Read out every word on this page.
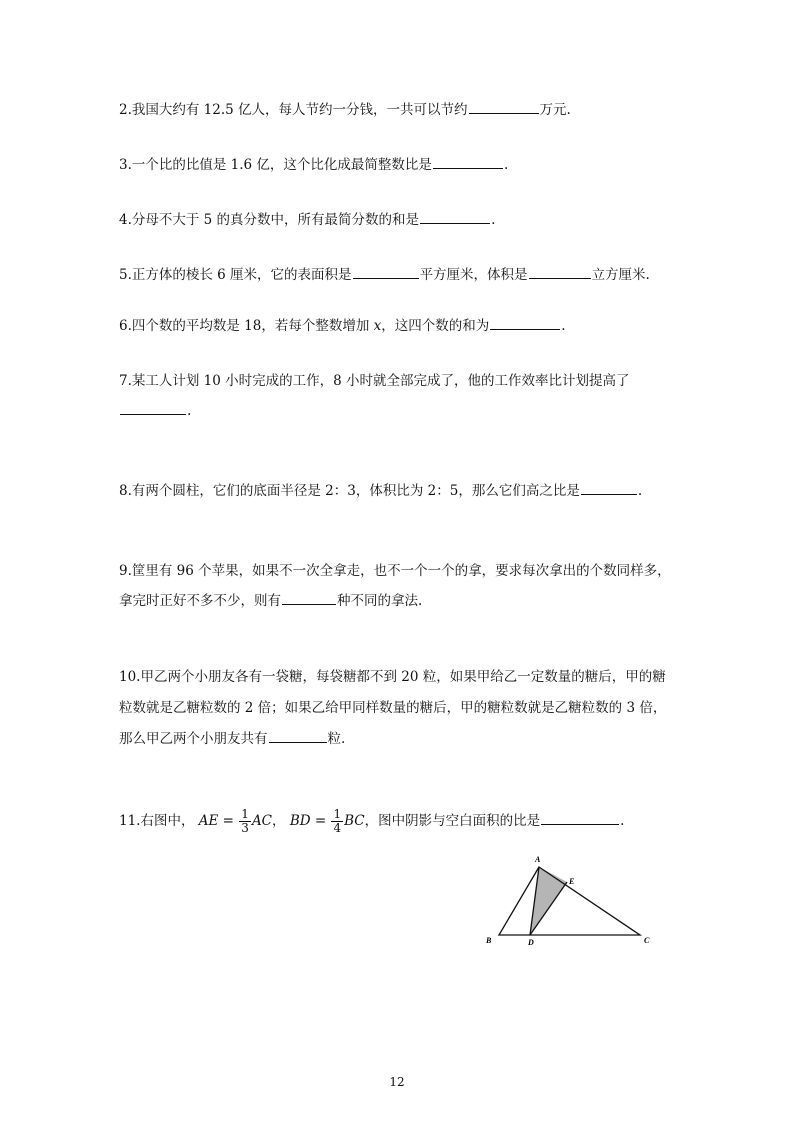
2.我国大约有 12.5 亿人，每人节约一分钱，一共可以节约	万元.
3.一个比的比值是 1.6 亿，这个比化成最简整数比是	.
4.分母不大于 5 的真分数中，所有最简分数的和是	.
5.正方体的棱长 6 厘米，它的表面积是	平方厘米，体积是	立方厘米.
6.四个数的平均数是 18，若每个整数增加 x，这四个数的和为	.
7.某工人计划 10 小时完成的工作，8 小时就全部完成了，他的工作效率比计划提高了
.
8.有两个圆柱，它们的底面半径是 2：3，体积比为 2：5，那么它们高之比是	.
9.筐里有 96 个苹果，如果不一次全拿走，也不一个一个的拿，要求每次拿出的个数同样多，
拿完时正好不多不少，则有	种不同的拿法.
10.甲乙两个小朋友各有一袋糖，每袋糖都不到 20 粒，如果甲给乙一定数量的糖后，甲的糖
粒数就是乙糖粒数的 2 倍；如果乙给甲同样数量的糖后，甲的糖粒数就是乙糖粒数的 3 倍，
那么甲乙两个小朋友共有	粒.
11.右图中， AE = $\frac{1}{3}$ AC， BD = $\frac{1}{4}$ BC，图中阴影与空白面积的比是	.
A
E
B	D	C
12
